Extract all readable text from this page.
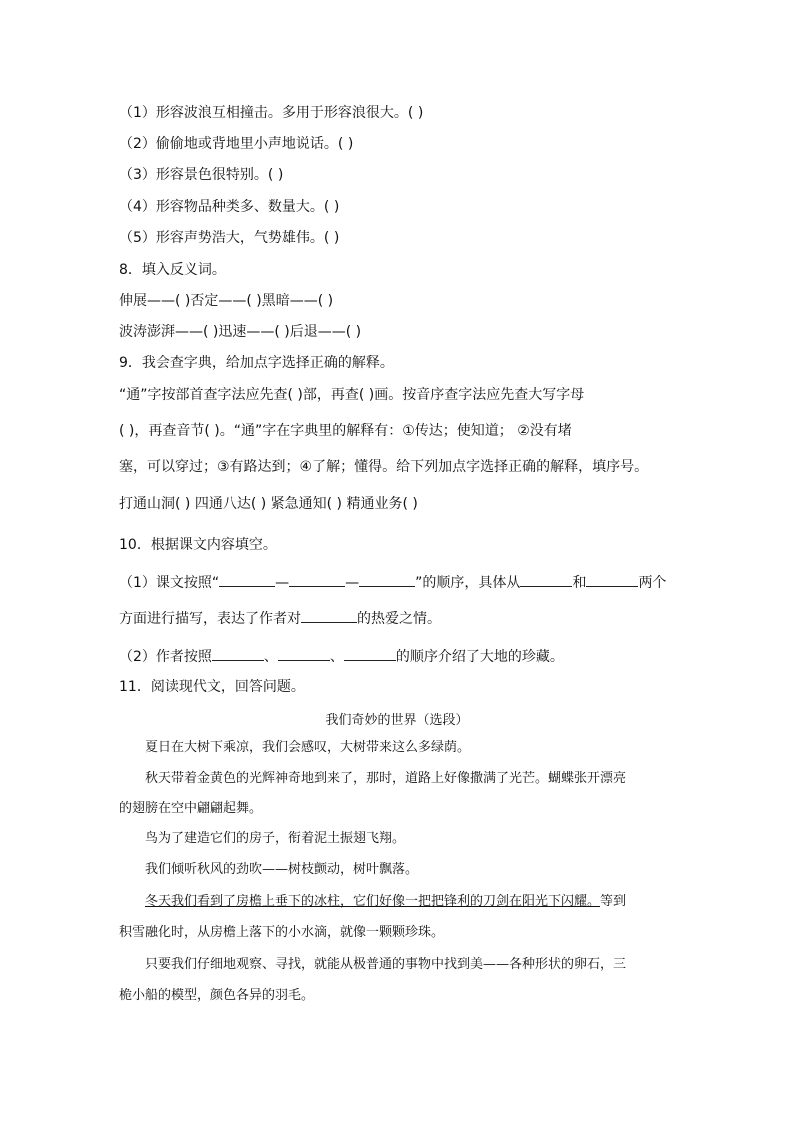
（1）形容波浪互相撞击。多用于形容浪很大。( )
（2）偷偷地或背地里小声地说话。( )
（3）形容景色很特别。( )
（4）形容物品种类多、数量大。( )
（5）形容声势浩大，气势雄伟。( )
8．填入反义词。
伸展——( )否定——( )黑暗——( )
波涛澎湃——( )迅速——( )后退——( )
9．我会查字典，给加点字选择正确的解释。
“通”字按部首查字法应先查( )部，再查( )画。按音序查字法应先查大写字母
( )，再查音节( )。“通”字在字典里的解释有：①传达；使知道； ②没有堵
塞，可以穿过；③有路达到；④了解；懂得。给下列加点字选择正确的解释，填序号。
打通山洞( ) 四通八达( ) 紧急通知( ) 精通业务( )
10．根据课文内容填空。
（1）课文按照“	—	—	”的顺序，具体从	和	两个
方面进行描写，表达了作者对	的热爱之情。
（2）作者按照	、	、	的顺序介绍了大地的珍藏。
11．阅读现代文，回答问题。
我们奇妙的世界（选段）
夏日在大树下乘凉，我们会感叹，大树带来这么多绿荫。
秋天带着金黄色的光辉神奇地到来了，那时，道路上好像撒满了光芒。蝴蝶张开漂亮
的翅膀在空中翩翩起舞。
鸟为了建造它们的房子，衔着泥土振翅飞翔。
我们倾听秋风的劲吹——树枝颤动，树叶飘落。
冬天我们看到了房檐上垂下的冰柱，它们好像一把把锋利的刀剑在阳光下闪耀。等到
积雪融化时，从房檐上落下的小水滴，就像一颗颗珍珠。
只要我们仔细地观察、寻找，就能从极普通的事物中找到美——各种形状的卵石，三
桅小船的模型，颜色各异的羽毛。
